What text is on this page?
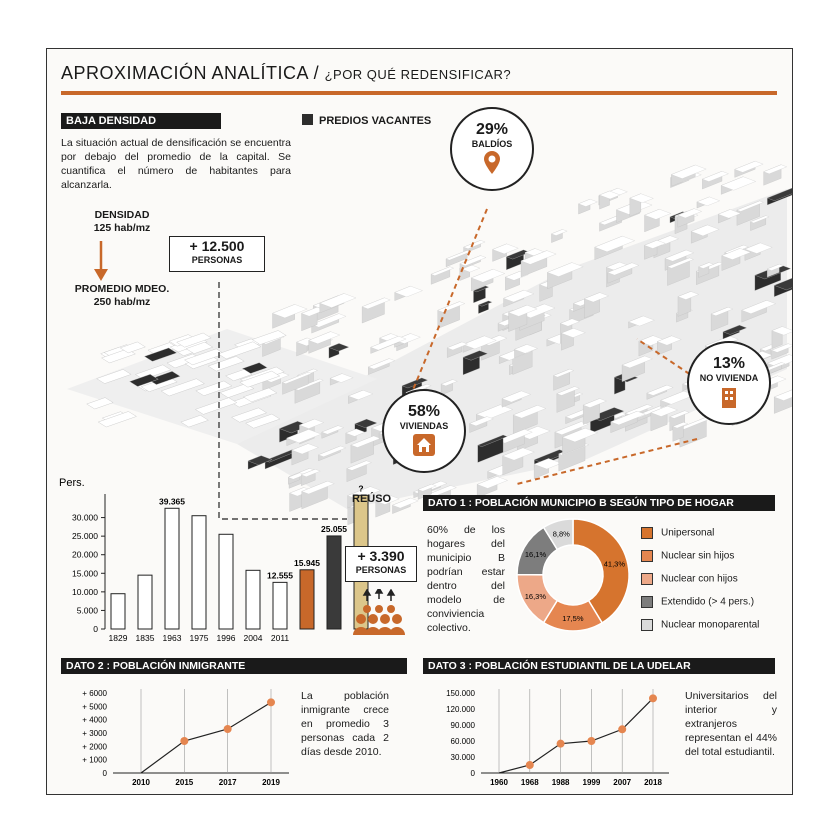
APROXIMACIÓN ANALÍTICA / ¿POR QUÉ REDENSIFICAR?
BAJA DENSIDAD
La situación actual de densificación se encuentra por debajo del promedio de la capital. Se cuantifica el número de habitantes para alcanzarla.
DENSIDAD
125 hab/mz
PROMEDIO MDEO.
250 hab/mz
PREDIOS VACANTES
+ 12.500
PERSONAS
29%
BALDÍOS
13%
NO VIVIENDA
58%
VIVIENDAS
Pers.
30.000
25.000
20.000
15.000
10.000
5.000
0
1829 1835
39.365
1963 1975 1996 2004
12.555
2011
15.945
25.055
?
REÚSO
+ 3.390
PERSONAS
DATO 1 : POBLACIÓN MUNICIPIO B SEGÚN TIPO DE HOGAR
60% de los hogares del municipio B podrían estar dentro del modelo de conviviencia colectivo.
41,3%
17,5%
16,3%
16,1%
8,8%	Unipersonal
Nuclear sin hijos
Nuclear con hijos
Extendido (> 4 pers.)
Nuclear monoparental
DATO 2 : POBLACIÓN INMIGRANTE
+ 6000
+ 5000
+ 4000
+ 3000
+ 2000
+ 1000
0
2010	2015	2017	2019
La población inmigrante crece en promedio 3 personas cada 2 días desde 2010.
DATO 3 : POBLACIÓN ESTUDIANTIL DE LA UDELAR
150.000
120.000
90.000
60.000
30.000
0
1960 1968 1988 1999 2007 2018
Universitarios del interior y extranjeros representan el 44% del total estudiantil.
